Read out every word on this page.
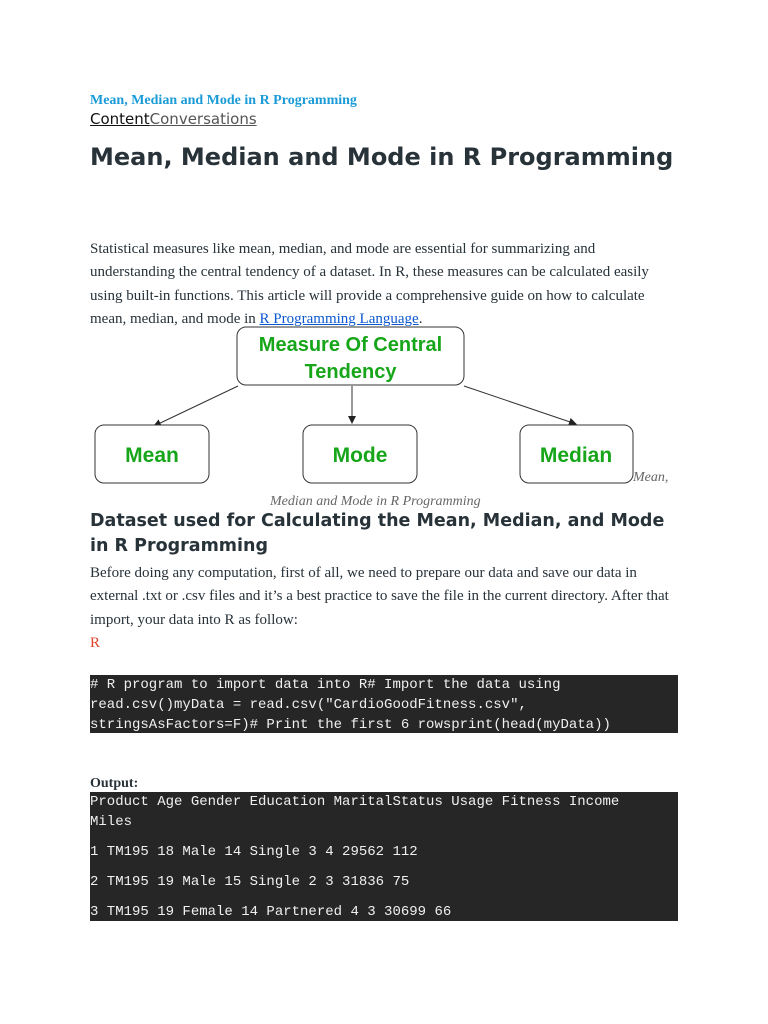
Mean, Median and Mode in R Programming
ContentConversations
Mean, Median and Mode in R Programming

Statistical measures like mean, median, and mode are essential for summarizing and understanding the central tendency of a dataset. In R, these measures can be calculated easily using built-in functions. This article will provide a comprehensive guide on how to calculate mean, median, and mode in R Programming Language.

Measure Of Central
Tendency
Mean	Mode	Median
Mean,
Median and Mode in R Programming
Dataset used for Calculating the Mean, Median, and Mode in R Programming

Before doing any computation, first of all, we need to prepare our data and save our data in external .txt or .csv files and it’s a best practice to save the file in the current directory. After that import, your data into R as follow:

R
# R program to import data into R# Import the data using
read.csv()myData = read.csv("CardioGoodFitness.csv",
stringsAsFactors=F)# Print the first 6 rowsprint(head(myData))
Output:
Product Age Gender Education MaritalStatus Usage Fitness Income
Miles
1 TM195 18 Male 14 Single 3 4 29562 112
2 TM195 19 Male 15 Single 2 3 31836 75
3 TM195 19 Female 14 Partnered 4 3 30699 66
